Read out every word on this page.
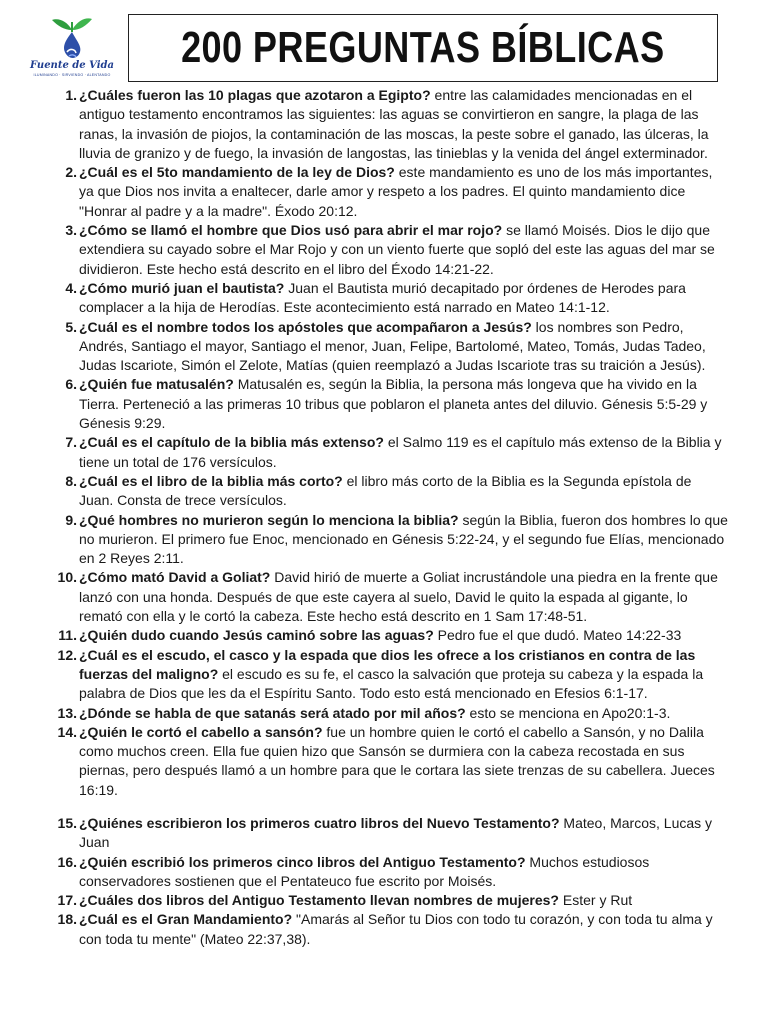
Fuente de Vida
ILUMINANDO · SIRVIENDO · ALENTANDO
200 PREGUNTAS BÍBLICAS
1 . ¿Cuáles fueron las 10 plagas que azotaron a Egipto? entre las calamidades mencionadas en el antiguo testamento encontramos las siguientes: las aguas se convirtieron en sangre, la plaga de las ranas, la invasión de piojos, la contaminación de las moscas, la peste sobre el ganado, las úlceras, la lluvia de granizo y de fuego, la invasión de langostas, las tinieblas y la venida del ángel exterminador.
2 . ¿Cuál es el 5to mandamiento de la ley de Dios? este mandamiento es uno de los más importantes, ya que Dios nos invita a enaltecer, darle amor y respeto a los padres. El quinto mandamiento dice "Honrar al padre y a la madre". Éxodo 20:12.
3 . ¿Cómo se llamó el hombre que Dios usó para abrir el mar rojo? se llamó Moisés. Dios le dijo que extendiera su cayado sobre el Mar Rojo y con un viento fuerte que sopló del este las aguas del mar se dividieron. Este hecho está descrito en el libro del Éxodo 14:21-22.
4 . ¿Cómo murió juan el bautista? Juan el Bautista murió decapitado por órdenes de Herodes para complacer a la hija de Herodías. Este acontecimiento está narrado en Mateo 14:1-12.
5 . ¿Cuál es el nombre todos los apóstoles que acompañaron a Jesús? los nombres son Pedro, Andrés, Santiago el mayor, Santiago el menor, Juan, Felipe, Bartolomé, Mateo, Tomás, Judas Tadeo, Judas Iscariote, Simón el Zelote, Matías (quien reemplazó a Judas Iscariote tras su traición a Jesús).
6 . ¿Quién fue matusalén? Matusalén es, según la Biblia, la persona más longeva que ha vivido en la Tierra. Perteneció a las primeras 10 tribus que poblaron el planeta antes del diluvio. Génesis 5:5-29 y Génesis 9:29.
7 . ¿Cuál es el capítulo de la biblia más extenso? el Salmo 119 es el capítulo más extenso de la Biblia y tiene un total de 176 versículos.
8 . ¿Cuál es el libro de la biblia más corto? el libro más corto de la Biblia es la Segunda epístola de Juan. Consta de trece versículos.
9 . ¿Qué hombres no murieron según lo menciona la biblia? según la Biblia, fueron dos hombres lo que no murieron. El primero fue Enoc, mencionado en Génesis 5:22-24, y el segundo fue Elías, mencionado en 2 Reyes 2:11.
10 . ¿Cómo mató David a Goliat? David hirió de muerte a Goliat incrustándole una piedra en la frente que lanzó con una honda. Después de que este cayera al suelo, David le quito la espada al gigante, lo remató con ella y le cortó la cabeza. Este hecho está descrito en 1 Sam 17:48-51.
11 . ¿Quién dudo cuando Jesús caminó sobre las aguas? Pedro fue el que dudó. Mateo 14:22-33
12 . ¿Cuál es el escudo, el casco y la espada que dios les ofrece a los cristianos en contra de las fuerzas del maligno? el escudo es su fe, el casco la salvación que proteja su cabeza y la espada la palabra de Dios que les da el Espíritu Santo. Todo esto está mencionado en Efesios 6:1-17.
13 . ¿Dónde se habla de que satanás será atado por mil años? esto se menciona en Apo20:1-3.
14 . ¿Quién le cortó el cabello a sansón? fue un hombre quien le cortó el cabello a Sansón, y no Dalila como muchos creen. Ella fue quien hizo que Sansón se durmiera con la cabeza recostada en sus piernas, pero después llamó a un hombre para que le cortara las siete trenzas de su cabellera. Jueces 16:19.
15 . ¿Quiénes escribieron los primeros cuatro libros del Nuevo Testamento? Mateo, Marcos, Lucas y Juan
16 . ¿Quién escribió los primeros cinco libros del Antiguo Testamento? Muchos estudiosos conservadores sostienen que el Pentateuco fue escrito por Moisés.
17 . ¿Cuáles dos libros del Antiguo Testamento llevan nombres de mujeres? Ester y Rut
18 . ¿Cuál es el Gran Mandamiento? "Amarás al Señor tu Dios con todo tu corazón, y con toda tu alma y con toda tu mente" (Mateo 22:37,38).
